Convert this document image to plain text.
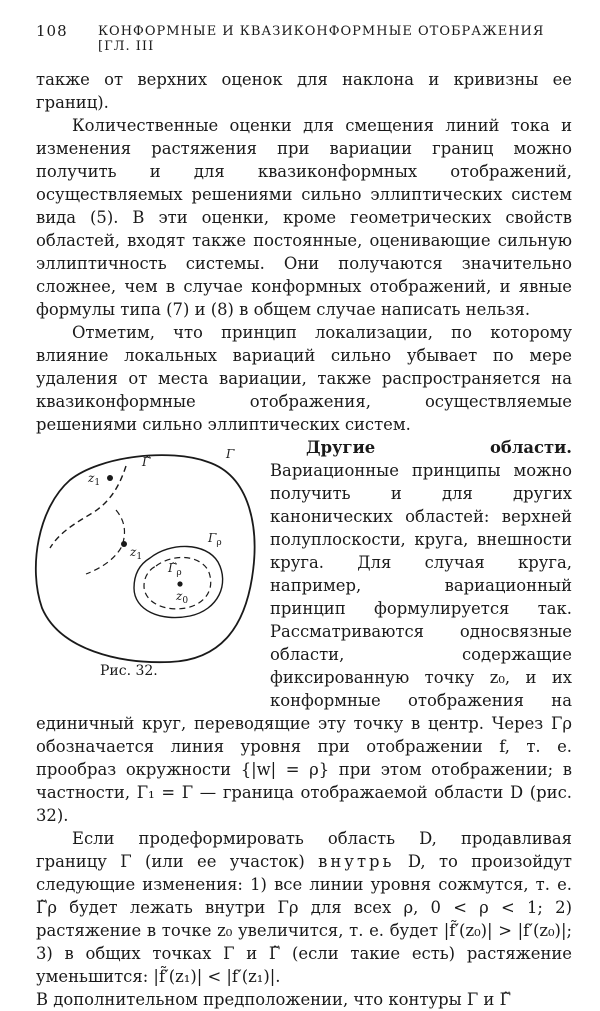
108 КОНФОРМНЫЕ И КВАЗИКОНФОРМНЫЕ ОТОБРАЖЕНИЯ [ГЛ. III

также от верхних оценок для наклона и кривизны ее границ).

Количественные оценки для смещения линий тока и изменения растяжения при вариации границ можно получить и для квазиконформных отображений, осуществляемых решениями сильно эллиптических систем вида (5). В эти оценки, кроме геометрических свойств областей, входят также постоянные, оценивающие сильную эллиптичность системы. Они получаются значительно сложнее, чем в случае конформных отображений, и явные формулы типа (7) и (8) в общем случае написать нельзя.

Отметим, что принцип локализации, по которому влияние локальных вариаций сильно убывает по мере удаления от места вариации, также распространяется на квазиконформные отображения, осуществляемые решениями сильно эллиптических систем.

$z_1$
$z_1$
Γ̃
Γ
$\Gamma_\rho$
$\Gammã_\rho$
$z_0$
Рис. 32.

Другие области. Вариационные принципы можно получить и для других канонических областей: верхней полуплоскости, круга, внешности круга. Для случая круга, например, вариационный принцип формулируется так. Рассматриваются односвязные области, содержащие фиксированную точку z₀, и их конформные отображения на единичный круг, переводящие эту точку в центр. Через Γρ обозначается линия уровня при отображении f, т. е. прообраз окружности {|w| = ρ} при этом отображении; в частности, Γ₁ = Γ — граница отображаемой области D (рис. 32).

Если продеформировать область D, продавливая границу Γ (или ее участок) внутрь D, то произойдут следующие изменения: 1) все линии уровня сожмутся, т. е. Γ̃ρ будет лежать внутри Γρ для всех ρ, 0 < ρ < 1; 2) растяжение в точке z₀ увеличится, т. е. будет |f̃′(z₀)| > |f′(z₀)|; 3) в общих точках Γ и Γ̃ (если такие есть) растяжение уменьшится: |f̃′(z₁)| < |f′(z₁)|.

В дополнительном предположении, что контуры Γ и Γ̃
